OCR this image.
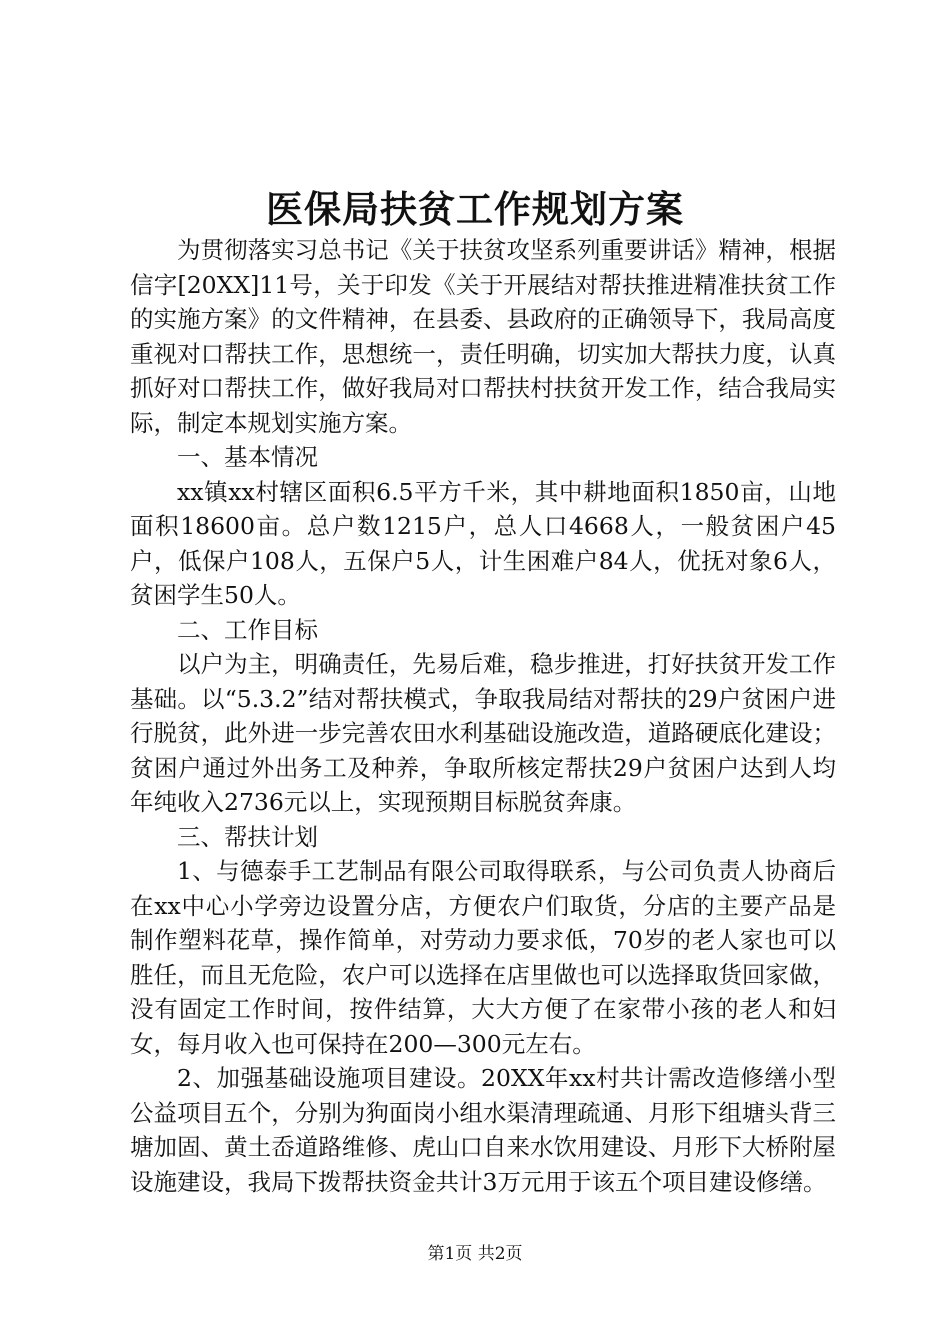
医保局扶贫工作规划方案

为贯彻落实习总书记《关于扶贫攻坚系列重要讲话》精神，根据信字[20XX]11号，关于印发《关于开展结对帮扶推进精准扶贫工作的实施方案》的文件精神，在县委、县政府的正确领导下，我局高度重视对口帮扶工作，思想统一，责任明确，切实加大帮扶力度，认真抓好对口帮扶工作，做好我局对口帮扶村扶贫开发工作，结合我局实际，制定本规划实施方案。

一、基本情况

xx镇xx村辖区面积6.5平方千米，其中耕地面积1850亩，山地面积18600亩。总户数1215户，总人口4668人，一般贫困户45户，低保户108人，五保户5人，计生困难户84人，优抚对象6人，贫困学生50人。

二、工作目标

以户为主，明确责任，先易后难，稳步推进，打好扶贫开发工作基础。以“5.3.2”结对帮扶模式，争取我局结对帮扶的29户贫困户进行脱贫，此外进一步完善农田水利基础设施改造，道路硬底化建设；贫困户通过外出务工及种养，争取所核定帮扶29户贫困户达到人均年纯收入2736元以上，实现预期目标脱贫奔康。

三、帮扶计划

1、与德泰手工艺制品有限公司取得联系，与公司负责人协商后在xx中心小学旁边设置分店，方便农户们取货，分店的主要产品是制作塑料花草，操作简单，对劳动力要求低，70岁的老人家也可以胜任，而且无危险，农户可以选择在店里做也可以选择取货回家做，没有固定工作时间，按件结算，大大方便了在家带小孩的老人和妇女，每月收入也可保持在200—300元左右。

2、加强基础设施项目建设。20XX年xx村共计需改造修缮小型公益项目五个，分别为狗面岗小组水渠清理疏通、月形下组塘头背三塘加固、黄土岙道路维修、虎山口自来水饮用建设、月形下大桥附屋设施建设，我局下拨帮扶资金共计3万元用于该五个项目建设修缮。

第1页 共2页
